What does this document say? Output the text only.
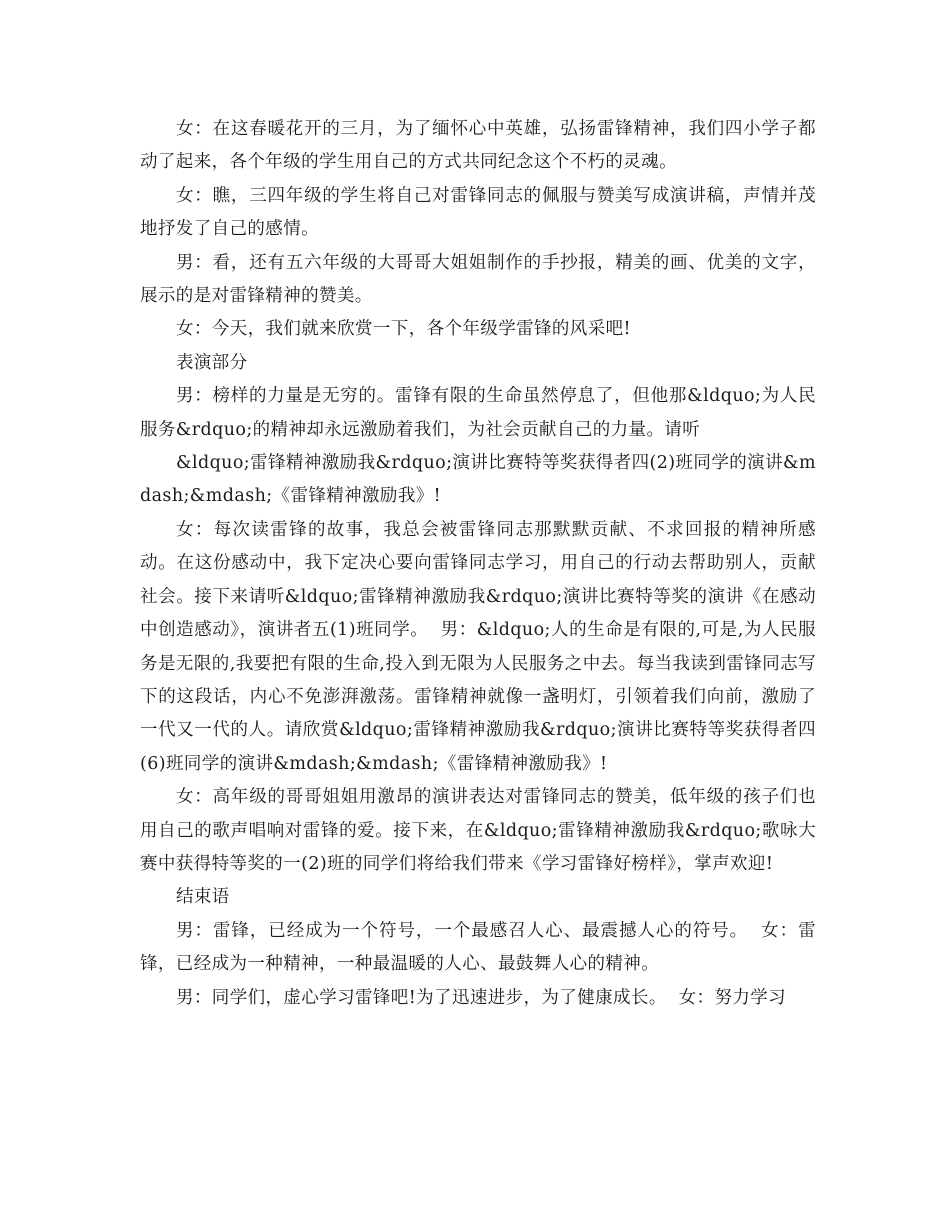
女：在这春暖花开的三月，为了缅怀心中英雄，弘扬雷锋精神，我们四小学子都动了起来，各个年级的学生用自己的方式共同纪念这个不朽的灵魂。

女：瞧，三四年级的学生将自己对雷锋同志的佩服与赞美写成演讲稿，声情并茂地抒发了自己的感情。

男：看，还有五六年级的大哥哥大姐姐制作的手抄报，精美的画、优美的文字，展示的是对雷锋精神的赞美。

女：今天，我们就来欣赏一下，各个年级学雷锋的风采吧!

表演部分

男：榜样的力量是无穷的。雷锋有限的生命虽然停息了，但他那&ldquo;为人民服务&rdquo;的精神却永远激励着我们，为社会贡献自己的力量。请听

&ldquo;雷锋精神激励我&rdquo;演讲比赛特等奖获得者四(2)班同学的演讲&mdash;&mdash;《雷锋精神激励我》!

女：每次读雷锋的故事，我总会被雷锋同志那默默贡献、不求回报的精神所感动。在这份感动中，我下定决心要向雷锋同志学习，用自己的行动去帮助别人，贡献社会。接下来请听&ldquo;雷锋精神激励我&rdquo;演讲比赛特等奖的演讲《在感动中创造感动》，演讲者五(1)班同学。  男：&ldquo;人的生命是有限的,可是,为人民服务是无限的,我要把有限的生命,投入到无限为人民服务之中去。每当我读到雷锋同志写下的这段话，内心不免澎湃激荡。雷锋精神就像一盏明灯，引领着我们向前，激励了一代又一代的人。请欣赏&ldquo;雷锋精神激励我&rdquo;演讲比赛特等奖获得者四(6)班同学的演讲&mdash;&mdash;《雷锋精神激励我》!

女：高年级的哥哥姐姐用激昂的演讲表达对雷锋同志的赞美，低年级的孩子们也用自己的歌声唱响对雷锋的爱。接下来，在&ldquo;雷锋精神激励我&rdquo;歌咏大赛中获得特等奖的一(2)班的同学们将给我们带来《学习雷锋好榜样》，掌声欢迎!

结束语

男：雷锋，已经成为一个符号，一个最感召人心、最震撼人心的符号。  女：雷锋，已经成为一种精神，一种最温暖的人心、最鼓舞人心的精神。

男：同学们，虚心学习雷锋吧!为了迅速进步，为了健康成长。  女：努力学习
